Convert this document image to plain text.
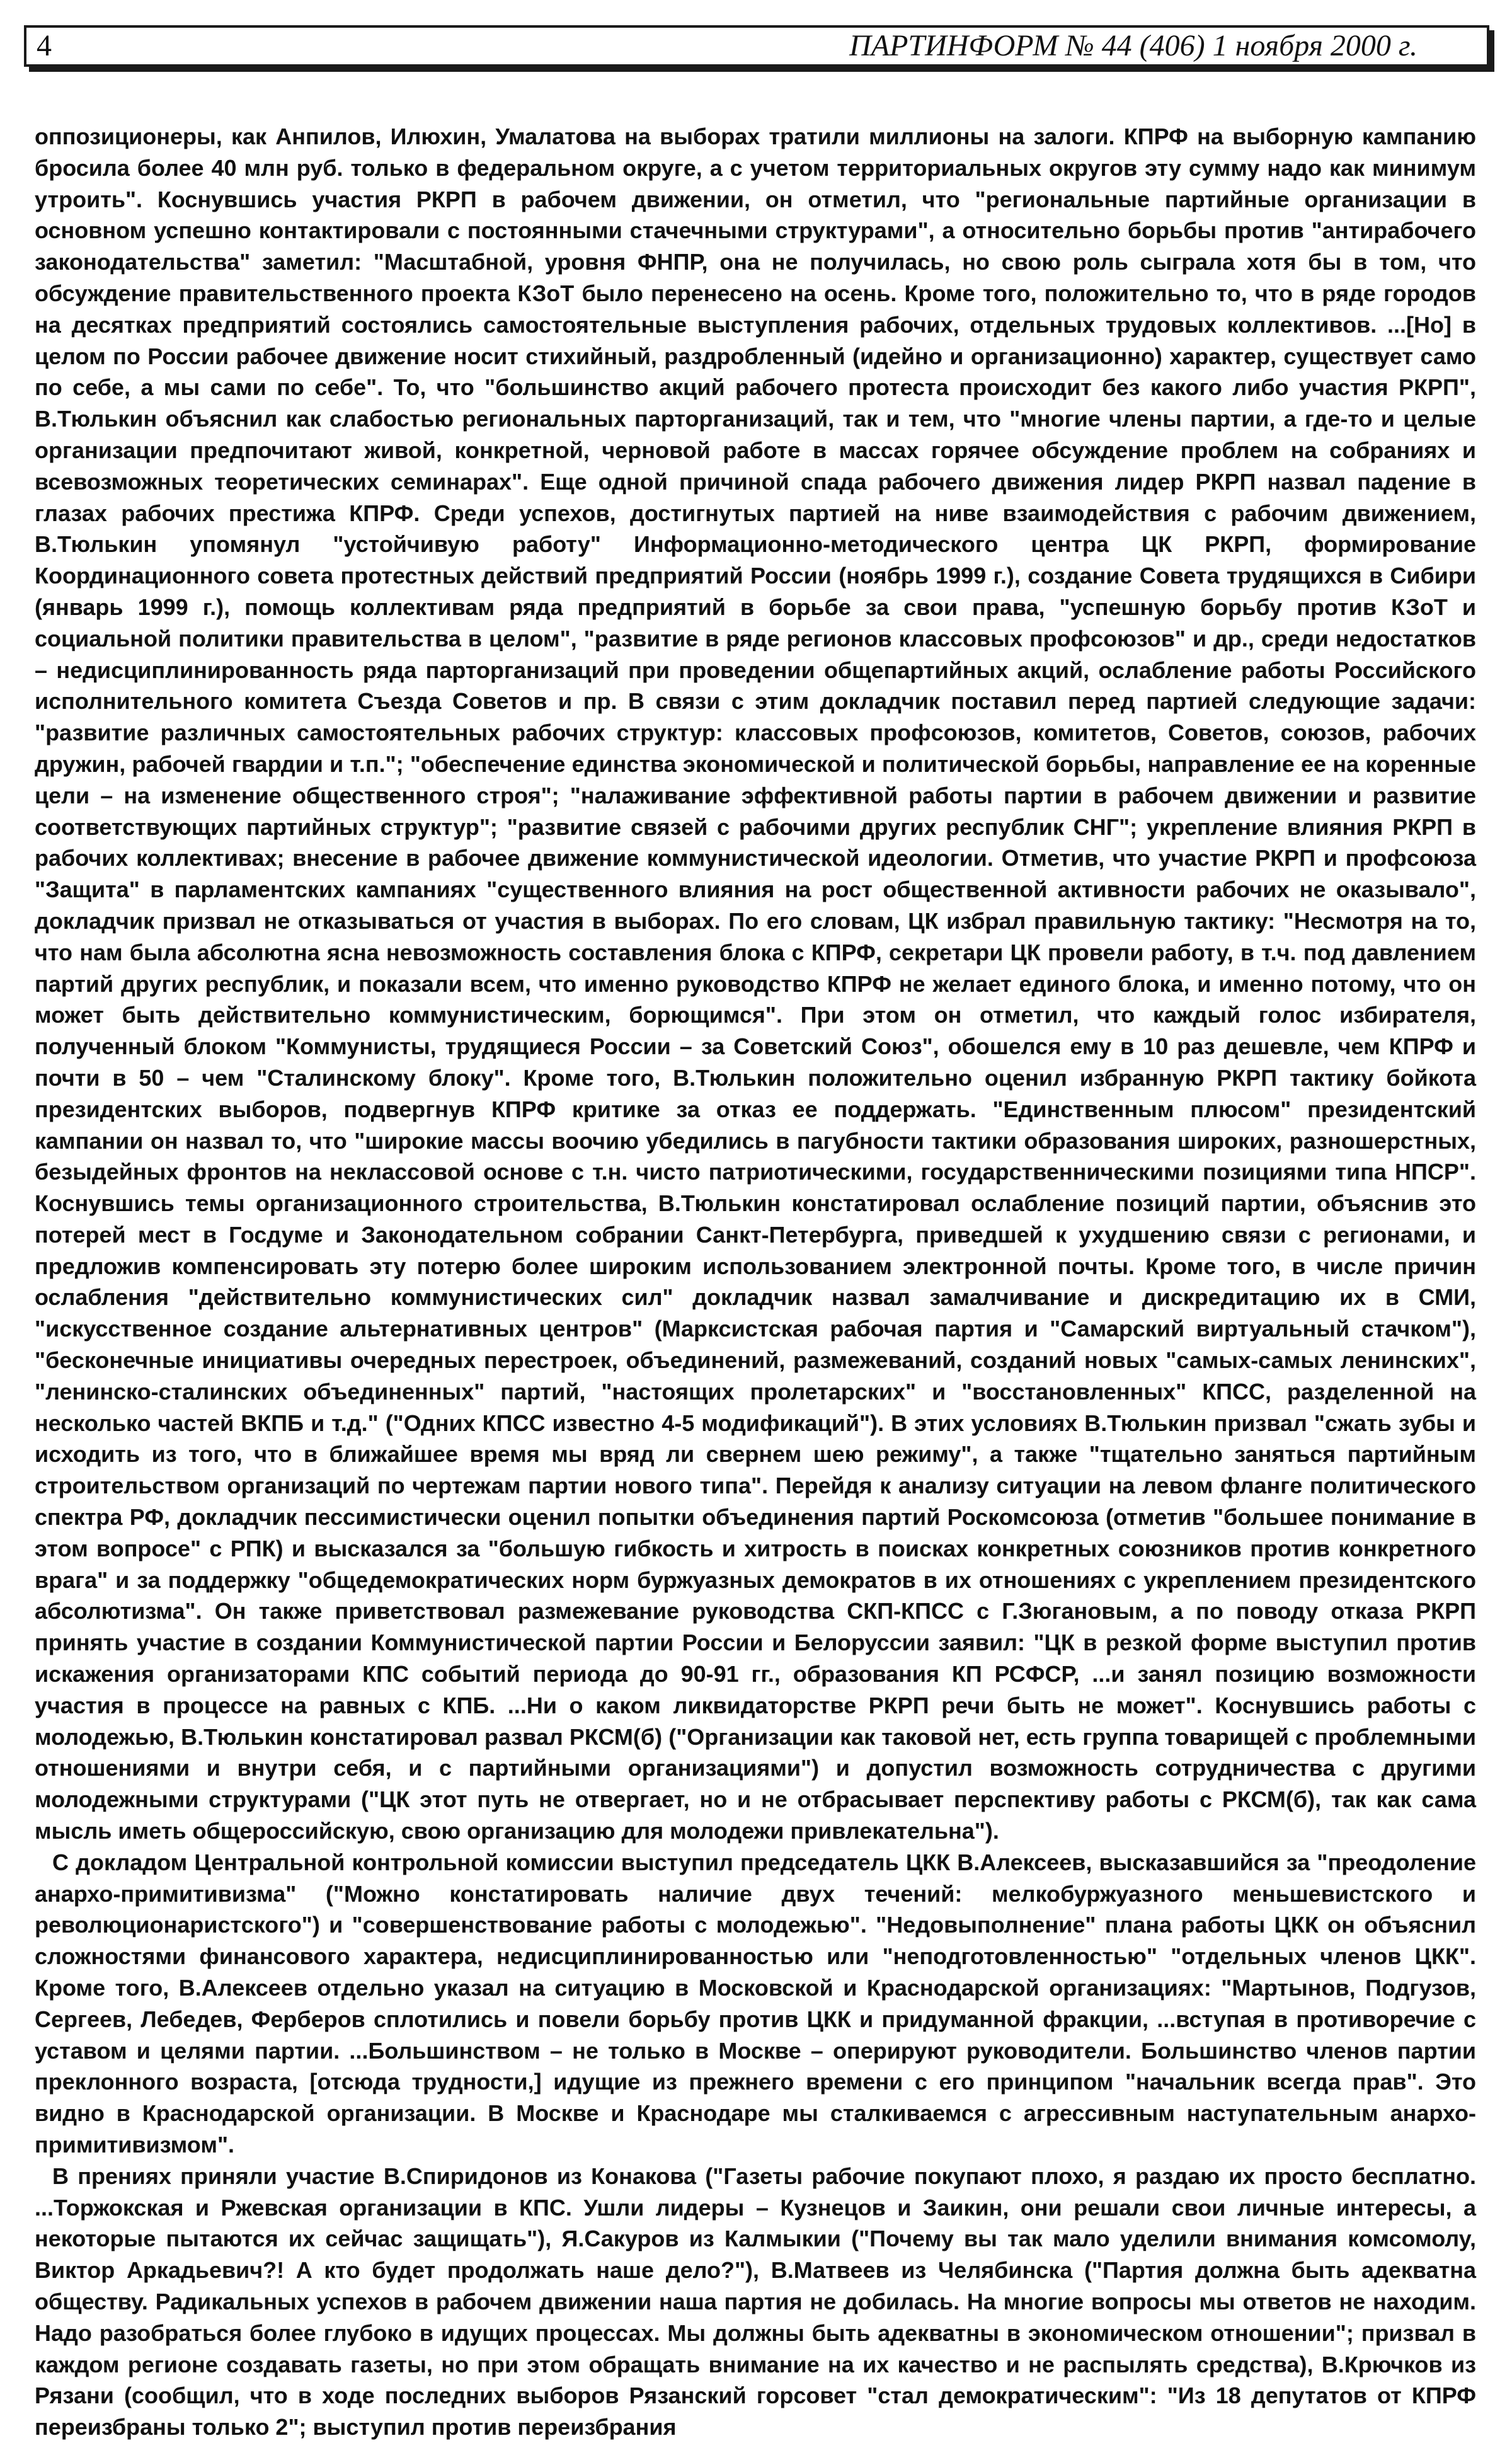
4	ПАРТИНФОРМ № 44 (406) 1 ноября 2000 г.

оппозиционеры, как Анпилов, Илюхин, Умалатова на выборах тратили миллионы на залоги. КПРФ на выборную кампанию бросила более 40 млн руб. только в федеральном округе, а с учетом территориальных округов эту сумму надо как минимум утроить". Коснувшись участия РКРП в рабочем движении, он отметил, что "региональные партийные организации в основном успешно контактировали с постоянными стачечными структурами", а относительно борьбы против "антирабочего законодательства" заметил: "Масштабной, уровня ФНПР, она не получилась, но свою роль сыграла хотя бы в том, что обсуждение правительственного проекта КЗоТ было перенесено на осень. Кроме того, положительно то, что в ряде городов на десятках предприятий состоялись самостоятельные выступления рабочих, отдельных трудовых коллективов. ...[Но] в целом по России рабочее движение носит стихийный, раздробленный (идейно и организационно) характер, существует само по себе, а мы сами по себе". То, что "большинство акций рабочего протеста происходит без какого либо участия РКРП", В.Тюлькин объяснил как слабостью региональных парторганизаций, так и тем, что "многие члены партии, а где-то и целые организации предпочитают живой, конкретной, черновой работе в массах горячее обсуждение проблем на собраниях и всевозможных теоретических семинарах". Еще одной причиной спада рабочего движения лидер РКРП назвал падение в глазах рабочих престижа КПРФ. Среди успехов, достигнутых партией на ниве взаимодействия с рабочим движением, В.Тюлькин упомянул "устойчивую работу" Информационно-методического центра ЦК РКРП, формирование Координационного совета протестных действий предприятий России (ноябрь 1999 г.), создание Совета трудящихся в Сибири (январь 1999 г.), помощь коллективам ряда предприятий в борьбе за свои права, "успешную борьбу против КЗоТ и социальной политики правительства в целом", "развитие в ряде регионов классовых профсоюзов" и др., среди недостатков – недисциплинированность ряда парторганизаций при проведении общепартийных акций, ослабление работы Российского исполнительного комитета Съезда Советов и пр. В связи с этим докладчик поставил перед партией следующие задачи: "развитие различных самостоятельных рабочих структур: классовых профсоюзов, комитетов, Советов, союзов, рабочих дружин, рабочей гвардии и т.п."; "обеспечение единства экономической и политической борьбы, направление ее на коренные цели – на изменение общественного строя"; "налаживание эффективной работы партии в рабочем движении и развитие соответствующих партийных структур"; "развитие связей с рабочими других республик СНГ"; укрепление влияния РКРП в рабочих коллективах; внесение в рабочее движение коммунистической идеологии. Отметив, что участие РКРП и профсоюза "Защита" в парламентских кампаниях "существенного влияния на рост общественной активности рабочих не оказывало", докладчик призвал не отказываться от участия в выборах. По его словам, ЦК избрал правильную тактику: "Несмотря на то, что нам была абсолютна ясна невозможность составления блока с КПРФ, секретари ЦК провели работу, в т.ч. под давлением партий других республик, и показали всем, что именно руководство КПРФ не желает единого блока, и именно потому, что он может быть действительно коммунистическим, борющимся". При этом он отметил, что каждый голос избирателя, полученный блоком "Коммунисты, трудящиеся России – за Советский Союз", обошелся ему в 10 раз дешевле, чем КПРФ и почти в 50 – чем "Сталинскому блоку". Кроме того, В.Тюлькин положительно оценил избранную РКРП тактику бойкота президентских выборов, подвергнув КПРФ критике за отказ ее поддержать. "Единственным плюсом" президентский кампании он назвал то, что "широкие массы воочию убедились в пагубности тактики образования широких, разношерстных, безыдейных фронтов на неклассовой основе с т.н. чисто патриотическими, государственническими позициями типа НПСР". Коснувшись темы организационного строительства, В.Тюлькин констатировал ослабление позиций партии, объяснив это потерей мест в Госдуме и Законодательном собрании Санкт-Петербурга, приведшей к ухудшению связи с регионами, и предложив компенсировать эту потерю более широким использованием электронной почты. Кроме того, в числе причин ослабления "действительно коммунистических сил" докладчик назвал замалчивание и дискредитацию их в СМИ, "искусственное создание альтернативных центров" (Марксистская рабочая партия и "Самарский виртуальный стачком"), "бесконечные инициативы очередных перестроек, объединений, размежеваний, созданий новых "самых-самых ленинских", "ленинско-сталинских объединенных" партий, "настоящих пролетарских" и "восстановленных" КПСС, разделенной на несколько частей ВКПБ и т.д." ("Одних КПСС известно 4-5 модификаций"). В этих условиях В.Тюлькин призвал "сжать зубы и исходить из того, что в ближайшее время мы вряд ли свернем шею режиму", а также "тщательно заняться партийным строительством организаций по чертежам партии нового типа". Перейдя к анализу ситуации на левом фланге политического спектра РФ, докладчик пессимистически оценил попытки объединения партий Роскомсоюза (отметив "большее понимание в этом вопросе" с РПК) и высказался за "большую гибкость и хитрость в поисках конкретных союзников против конкретного врага" и за поддержку "общедемократических норм буржуазных демократов в их отношениях с укреплением президентского абсолютизма". Он также приветствовал размежевание руководства СКП-КПСС с Г.Зюгановым, а по поводу отказа РКРП принять участие в создании Коммунистической партии России и Белоруссии заявил: "ЦК в резкой форме выступил против искажения организаторами КПС событий периода до 90-91 гг., образования КП РСФСР, ...и занял позицию возможности участия в процессе на равных с КПБ. ...Ни о каком ликвидаторстве РКРП речи быть не может". Коснувшись работы с молодежью, В.Тюлькин констатировал развал РКСМ(б) ("Организации как таковой нет, есть группа товарищей с проблемными отношениями и внутри себя, и с партийными организациями") и допустил возможность сотрудничества с другими молодежными структурами ("ЦК этот путь не отвергает, но и не отбрасывает перспективу работы с РКСМ(б), так как сама мысль иметь общероссийскую, свою организацию для молодежи привлекательна").

С докладом Центральной контрольной комиссии выступил председатель ЦКК В.Алексеев, высказавшийся за "преодоление анархо-примитивизма" ("Можно констатировать наличие двух течений: мелкобуржуазного меньшевистского и революционаристского") и "совершенствование работы с молодежью". "Недовыполнение" плана работы ЦКК он объяснил сложностями финансового характера, недисциплинированностью или "неподготовленностью" "отдельных членов ЦКК". Кроме того, В.Алексеев отдельно указал на ситуацию в Московской и Краснодарской организациях: "Мартынов, Подгузов, Сергеев, Лебедев, Ферберов сплотились и повели борьбу против ЦКК и придуманной фракции, ...вступая в противоречие с уставом и целями партии. ...Большинством – не только в Москве – оперируют руководители. Большинство членов партии преклонного возраста, [отсюда трудности,] идущие из прежнего времени с его принципом "начальник всегда прав". Это видно в Краснодарской организации. В Москве и Краснодаре мы сталкиваемся с агрессивным наступательным анархо-примитивизмом".

В прениях приняли участие В.Спиридонов из Конакова ("Газеты рабочие покупают плохо, я раздаю их просто бесплатно. ...Торжокская и Ржевская организации в КПС. Ушли лидеры – Кузнецов и Заикин, они решали свои личные интересы, а некоторые пытаются их сейчас защищать"), Я.Сакуров из Калмыкии ("Почему вы так мало уделили внимания комсомолу, Виктор Аркадьевич?! А кто будет продолжать наше дело?"), В.Матвеев из Челябинска ("Партия должна быть адекватна обществу. Радикальных успехов в рабочем движении наша партия не добилась. На многие вопросы мы ответов не находим. Надо разобраться более глубоко в идущих процессах. Мы должны быть адекватны в экономическом отношении"; призвал в каждом регионе создавать газеты, но при этом обращать внимание на их качество и не распылять средства), В.Крючков из Рязани (сообщил, что в ходе последних выборов Рязанский горсовет "стал демократическим": "Из 18 депутатов от КПРФ переизбраны только 2"; выступил против переизбрания
